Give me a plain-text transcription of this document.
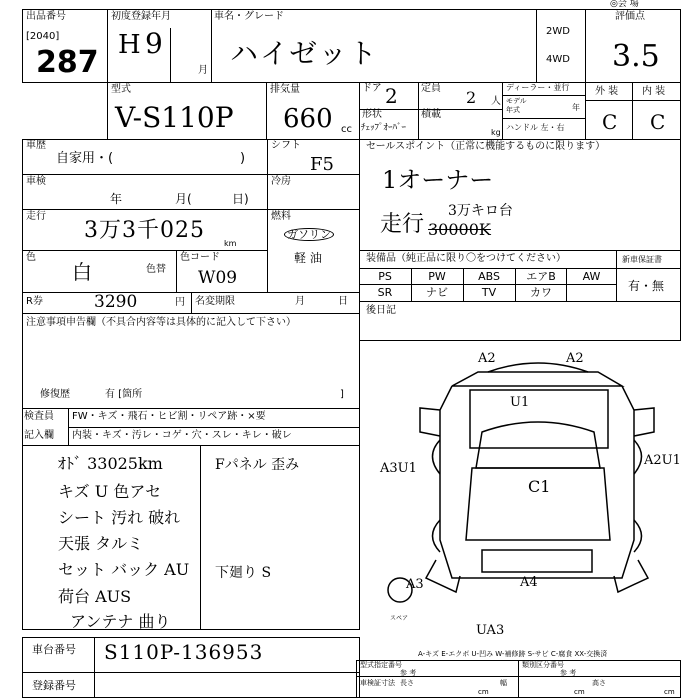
◎会 場
出品番号
[2040]
287
初度登録年月
H 9
月
車名・グレード
ハイゼット
2WD
4WD
評価点
3.5
型式
V-S110P
排気量
660 cc
ドア 2 定員 2 人
形状
ﾁｪｯﾌﾟｵｰﾊﾞｰ
積載
kg
ディーラー・並行
モデル
年式	年
ハンドル 左・右
外 装 内 装
C C
車歴
自家用・(	)
シフト
F5
車検
年	月(	日)
冷房
走行
3万3千025
km
燃料
ガソリン
軽 油
色
白	色替
色コード
W09
R券	3290	円 名変期限	月	日
注意事項申告欄（不具合内容等は具体的に記入して下さい）
修復歴	有 [箇所	]
検査員
記入欄
FW・キズ・飛石・ヒビ割・リペア跡・×要
内装・キズ・汚レ・コゲ・穴・スレ・キレ・破レ
ｵﾄﾞ 33025km
キズ U 色アセ
シート 汚れ 破れ
天張 タルミ
セット バック AU
荷台 AUS
アンテナ 曲り
Fパネル 歪み
下廻り S
セールスポイント（正常に機能するものに限ります）
1オーナー
走行
3万キロ台
30000K
装備品（純正品に限り〇をつけてください）
PS	PW	ABS	エアB	AW
SR	ナビ	TV	カワ
新車保証書
有・無
後日記
A2	A2
U1
A3U1
A2U1
C1
A3	A4
UA3
スペア
車台番号 S110P-136953
登録番号
A-キズ E-エクボ U-凹み W-補修跡 S-サビ C-腐食 XX-交換済
型式指定番号
参 考
類別区分番号
参 考
車検証寸法 長さ
cm
幅
cm
高さ
cm
